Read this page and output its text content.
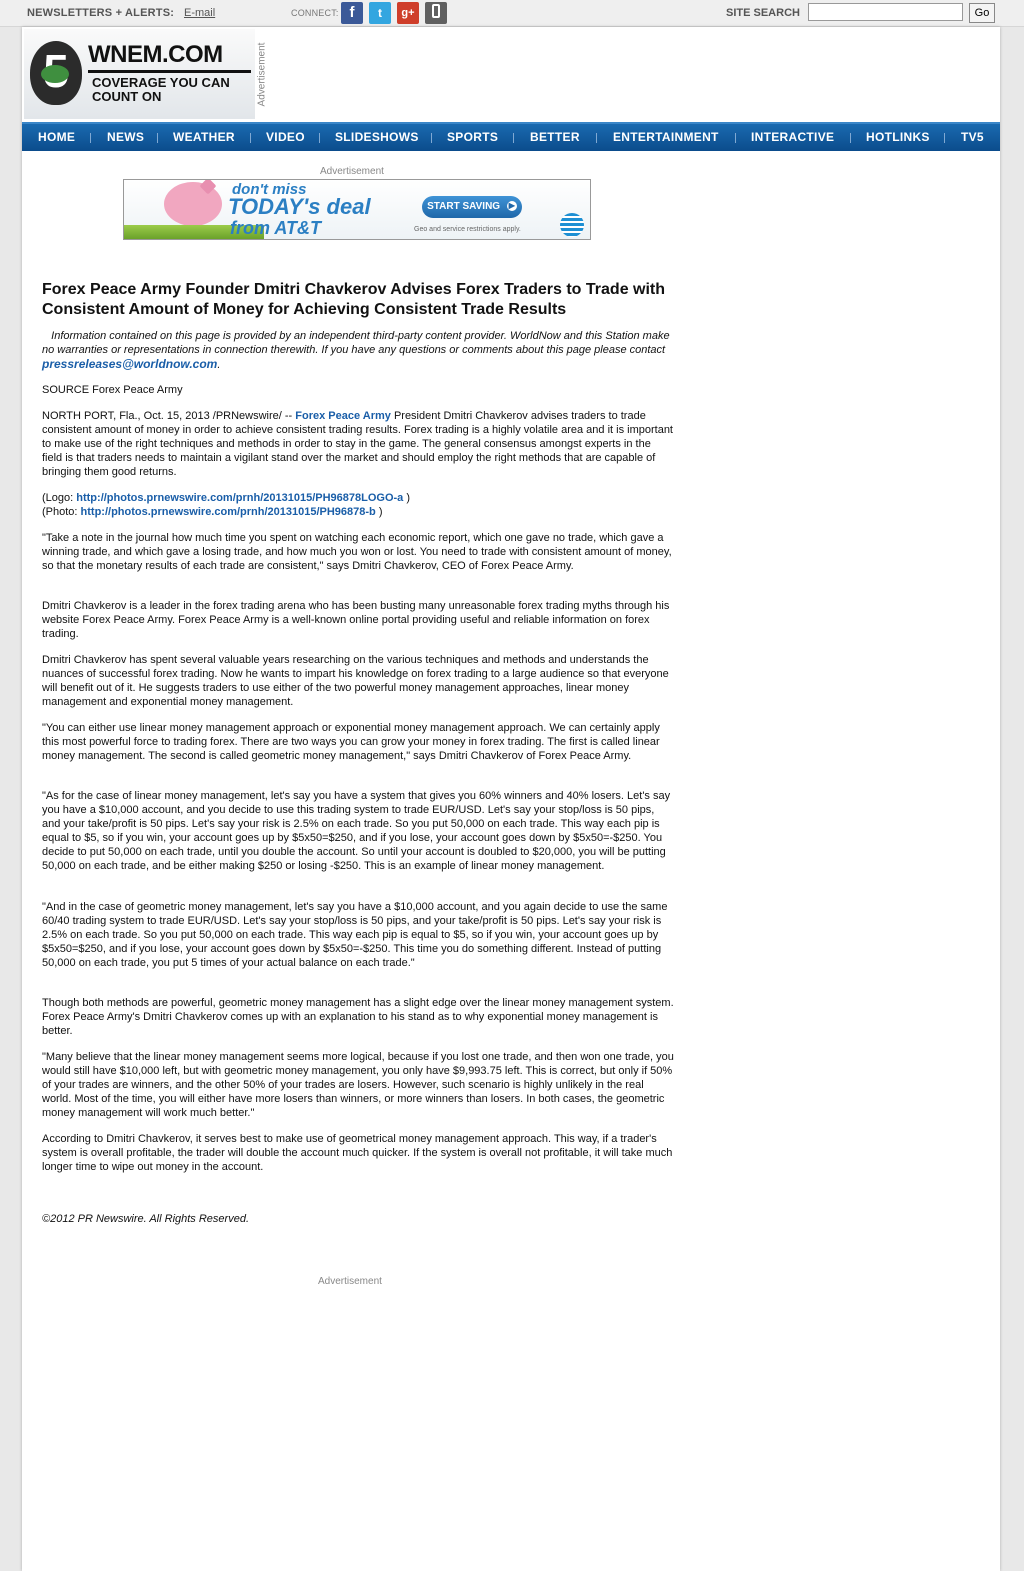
NEWSLETTERS + ALERTS: E-mail	CONNECT: f	t	g+	SITE SEARCH	Go
WNEM.COM
COVERAGE YOU CAN COUNT ON	Advertisement
HOME	NEWS WEATHER	VIDEO	SLIDESHOWS SPORTS	BETTER	ENTERTAINMENT	INTERACTIVE	HOTLINKS	TV5
Advertisement
don't miss
TODAY's deal
from AT&T
START SAVING ▶
Geo and service restrictions apply.
Forex Peace Army Founder Dmitri Chavkerov Advises Forex Traders to Trade with Consistent Amount of Money for Achieving Consistent Trade Results

Information contained on this page is provided by an independent third-party content provider. WorldNow and this Station make no warranties or representations in connection therewith. If you have any questions or comments about this page please contact pressreleases@worldnow.com.

SOURCE Forex Peace Army

NORTH PORT, Fla., Oct. 15, 2013 /PRNewswire/ -- Forex Peace Army President Dmitri Chavkerov advises traders to trade consistent amount of money in order to achieve consistent trading results. Forex trading is a highly volatile area and it is important to make use of the right techniques and methods in order to stay in the game. The general consensus amongst experts in the field is that traders needs to maintain a vigilant stand over the market and should employ the right methods that are capable of bringing them good returns.

(Logo: http://photos.prnewswire.com/prnh/20131015/PH96878LOGO-a )

(Photo: http://photos.prnewswire.com/prnh/20131015/PH96878-b )

"Take a note in the journal how much time you spent on watching each economic report, which one gave no trade, which gave a winning trade, and which gave a losing trade, and how much you won or lost. You need to trade with consistent amount of money, so that the monetary results of each trade are consistent," says Dmitri Chavkerov, CEO of Forex Peace Army.

Dmitri Chavkerov is a leader in the forex trading arena who has been busting many unreasonable forex trading myths through his website Forex Peace Army. Forex Peace Army is a well-known online portal providing useful and reliable information on forex trading.

Dmitri Chavkerov has spent several valuable years researching on the various techniques and methods and understands the nuances of successful forex trading. Now he wants to impart his knowledge on forex trading to a large audience so that everyone will benefit out of it. He suggests traders to use either of the two powerful money management approaches, linear money management and exponential money management.

"You can either use linear money management approach or exponential money management approach. We can certainly apply this most powerful force to trading forex. There are two ways you can grow your money in forex trading. The first is called linear money management. The second is called geometric money management," says Dmitri Chavkerov of Forex Peace Army.

"As for the case of linear money management, let's say you have a system that gives you 60% winners and 40% losers. Let's say you have a $10,000 account, and you decide to use this trading system to trade EUR/USD. Let's say your stop/loss is 50 pips, and your take/profit is 50 pips. Let's say your risk is 2.5% on each trade. So you put 50,000 on each trade. This way each pip is equal to $5, so if you win, your account goes up by $5x50=$250, and if you lose, your account goes down by $5x50=-$250. You decide to put 50,000 on each trade, until you double the account. So until your account is doubled to $20,000, you will be putting 50,000 on each trade, and be either making $250 or losing -$250. This is an example of linear money management.

"And in the case of geometric money management, let's say you have a $10,000 account, and you again decide to use the same 60/40 trading system to trade EUR/USD. Let's say your stop/loss is 50 pips, and your take/profit is 50 pips. Let's say your risk is 2.5% on each trade. So you put 50,000 on each trade. This way each pip is equal to $5, so if you win, your account goes up by $5x50=$250, and if you lose, your account goes down by $5x50=-$250. This time you do something different. Instead of putting 50,000 on each trade, you put 5 times of your actual balance on each trade."

Though both methods are powerful, geometric money management has a slight edge over the linear money management system. Forex Peace Army's Dmitri Chavkerov comes up with an explanation to his stand as to why exponential money management is better.

"Many believe that the linear money management seems more logical, because if you lost one trade, and then won one trade, you would still have $10,000 left, but with geometric money management, you only have $9,993.75 left. This is correct, but only if 50% of your trades are winners, and the other 50% of your trades are losers. However, such scenario is highly unlikely in the real world. Most of the time, you will either have more losers than winners, or more winners than losers. In both cases, the geometric money management will work much better."

According to Dmitri Chavkerov, it serves best to make use of geometrical money management approach. This way, if a trader's system is overall profitable, the trader will double the account much quicker. If the system is overall not profitable, it will take much longer time to wipe out money in the account.

©2012 PR Newswire. All Rights Reserved.

Advertisement
